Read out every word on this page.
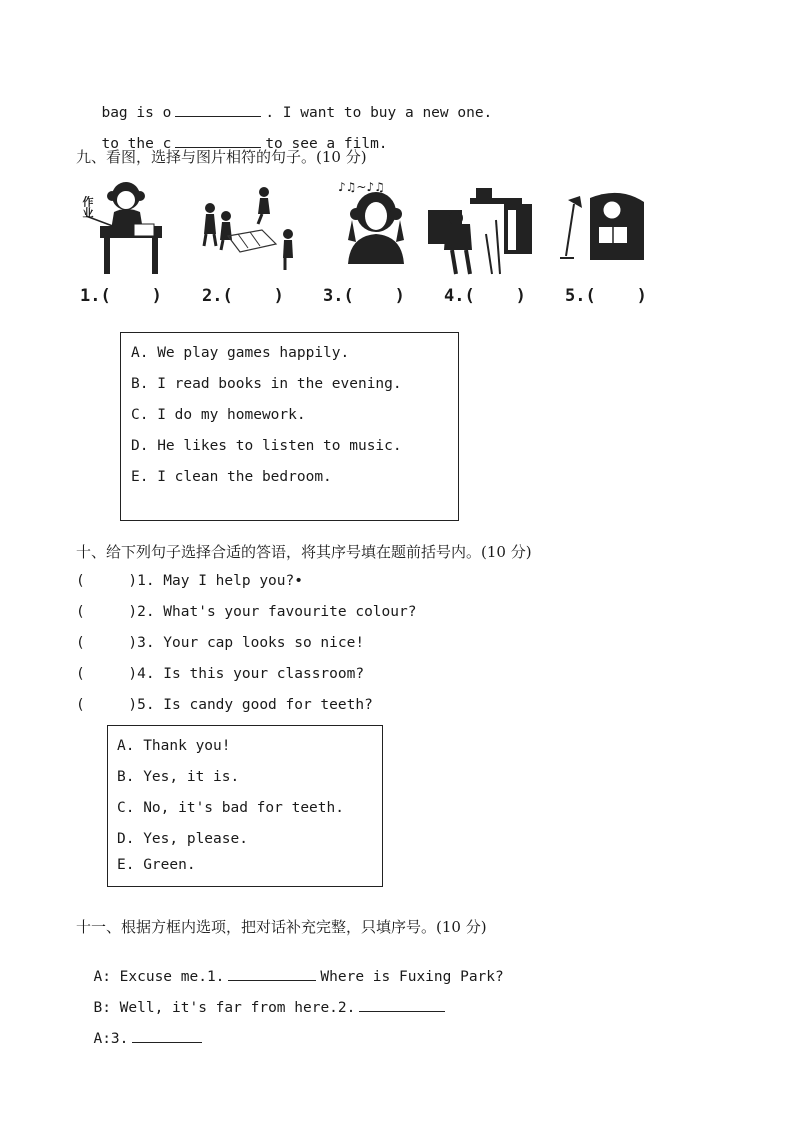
bag is o	. I want to buy a new one.

to the c	to see a film.

九、看图，选择与图片相符的句子。(10 分)
作业
♪♫~♪♫
1.(    ) 2.(    ) 3.(    ) 4.(    ) 5.(    )
A. We play games happily.
B. I read books in the evening.
C. I do my homework.
D. He likes to listen to music.
E. I clean the bedroom.
十、给下列句子选择合适的答语，将其序号填在题前括号内。(10 分)
(     )1. May I help you?•
(     )2. What's your favourite colour?
(     )3. Your cap looks so nice!
(     )4. Is this your classroom?
(     )5. Is candy good for teeth?
A. Thank you!
B. Yes, it is.
C. No, it's bad for teeth.
D. Yes, please.
E. Green.
十一、根据方框内选项，把对话补充完整，只填序号。(10 分)

A: Excuse me.1.	Where is Fuxing Park?

B: Well, it's far from here.2.

A:3.
